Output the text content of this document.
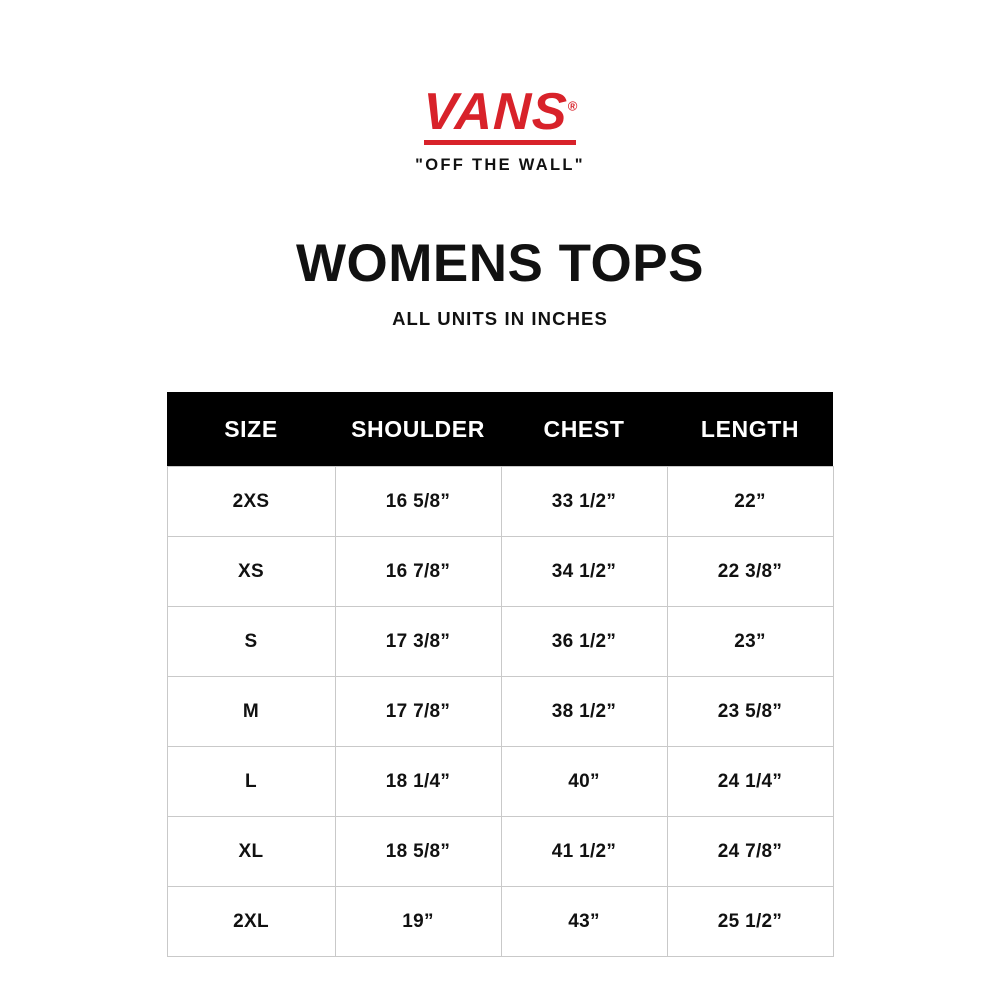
VANS®
"OFF THE WALL"
WOMENS TOPS
ALL UNITS IN INCHES
SIZE	SHOULDER	CHEST	LENGTH
2XS	16 5/8”	33 1/2”	22”
XS	16 7/8”	34 1/2”	22 3/8”
S	17 3/8”	36 1/2”	23”
M	17 7/8”	38 1/2”	23 5/8”
L	18 1/4”	40”	24 1/4”
XL	18 5/8”	41 1/2”	24 7/8”
2XL	19”	43”	25 1/2”
